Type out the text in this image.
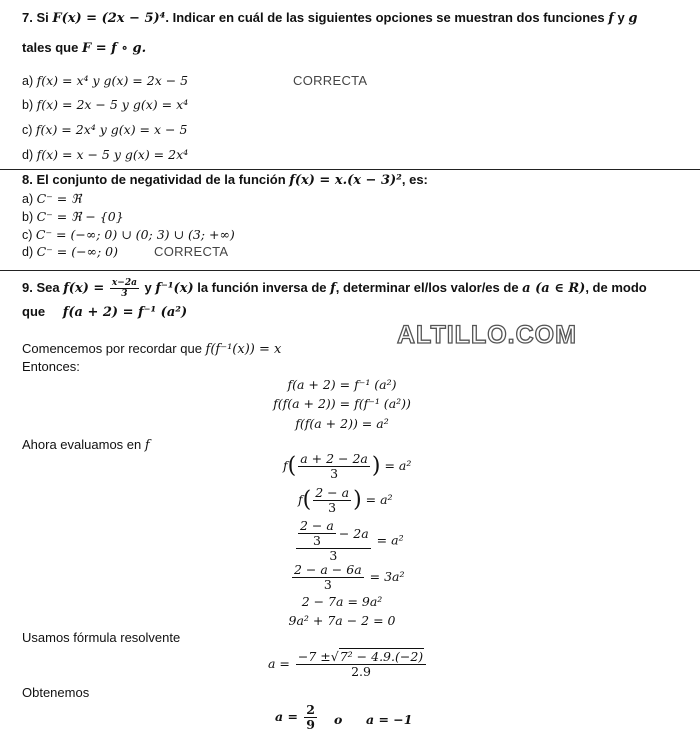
7. Si F(x) = (2x − 5)⁴. Indicar en cuál de las siguientes opciones se muestran dos funciones f y g
tales que F = f ∘ g.
a) f(x) = x⁴ y g(x) = 2x − 5	CORRECTA
b) f(x) = 2x − 5 y g(x) = x⁴
c) f(x) = 2x⁴ y g(x) = x − 5
d) f(x) = x − 5 y g(x) = 2x⁴
8. El conjunto de negatividad de la función f(x) = x.(x − 3)², es:
a) C⁻ = ℜ
b) C⁻ = ℜ − {0}
c) C⁻ = (−∞; 0) ∪ (0; 3) ∪ (3; +∞)
d) C⁻ = (−∞; 0)	CORRECTA
9. Sea $f(x) = \frac{x-2a}{3}$ y f⁻¹(x) la función inversa de f, determinar el/los valor/es de a (a ∈ R), de modo
que f(a + 2) = f⁻¹ (a²)
ALTILLO.COM
Comencemos por recordar que f(f⁻¹(x)) = x
Entonces:
f(a + 2) = f⁻¹ (a²)
f(f(a + 2)) = f(f⁻¹ (a²))
f(f(a + 2)) = a²
Ahora evaluamos en f
$f( \frac{a + 2 - 2a}{3}$ ) = a²
$f( \frac{2 - a}{3}$ ) = a²
$\frac{\frac{2 - a}{3} - 2a}{3} = a^2$
$\frac{2 - a - 6a}{3} = 3a^2$
2 − 7a = 9a²
9a² + 7a − 2 = 0
Usamos fórmula resolvente
$a = \frac{\text{−7 ±√7² − 4.9.(−2)}}{2.9}$
Obtenemos
$a = \frac{2}{9}$ o a = −1
